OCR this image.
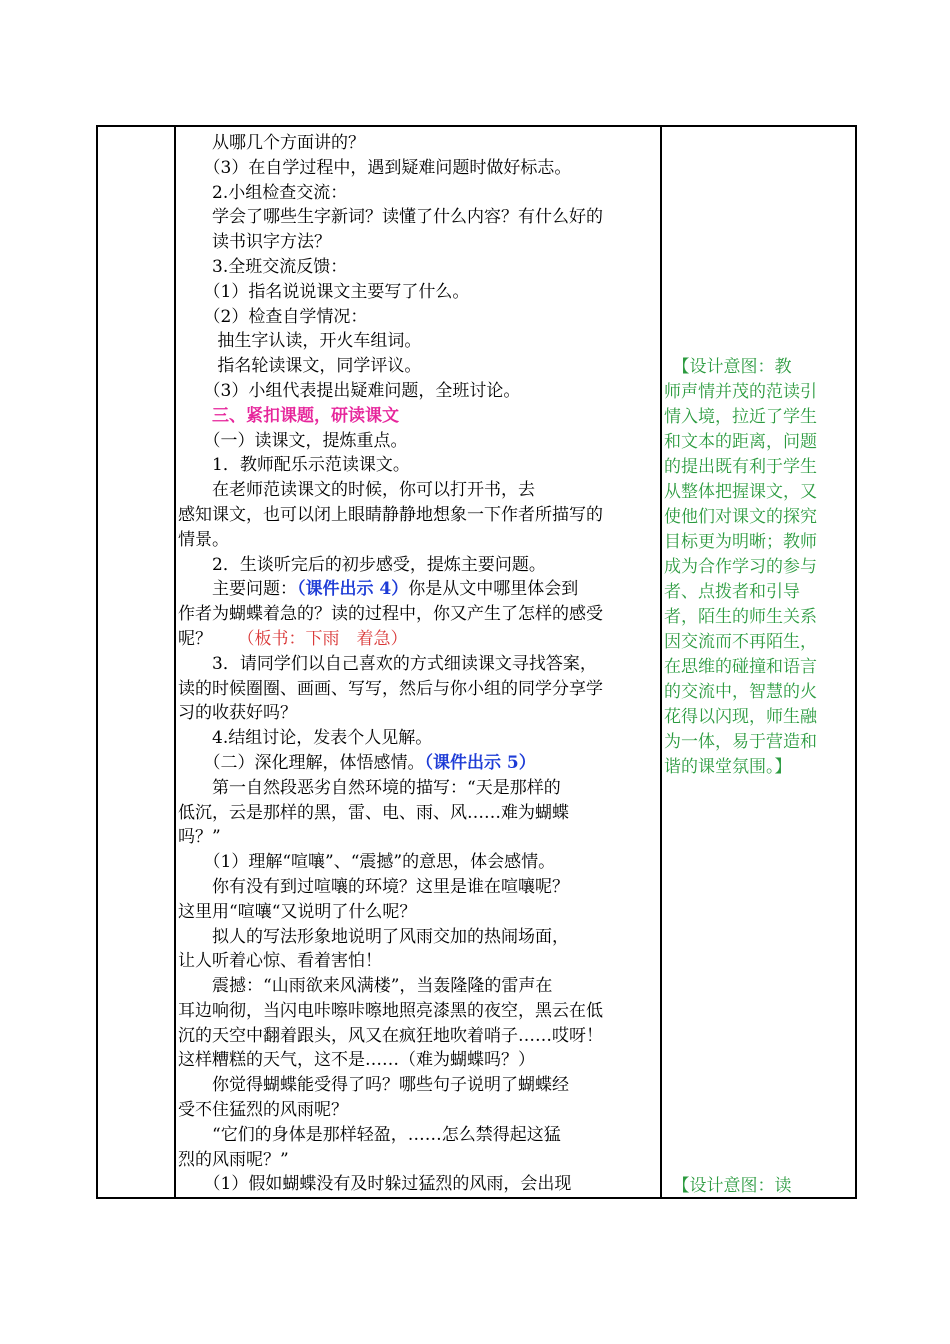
　　从哪几个方面讲的？
　　（3）在自学过程中，遇到疑难问题时做好标志。
　　2.小组检查交流：
　　学会了哪些生字新词？读懂了什么内容？有什么好的
　　读书识字方法？
　　3.全班交流反馈：
　　（1）指名说说课文主要写了什么。
　　（2）检查自学情况：
　　 抽生字认读，开火车组词。
　　 指名轮读课文，同学评议。
　　（3）小组代表提出疑难问题，全班讨论。
　　三、紧扣课题，研读课文
　　（一）读课文，提炼重点。
　　1．教师配乐示范读课文。
　　在老师范读课文的时候，你可以打开书，去
感知课文，也可以闭上眼睛静静地想象一下作者所描写的
情景。
　　2．生谈听完后的初步感受，提炼主要问题。
　　主要问题：（课件出示 4）你是从文中哪里体会到
作者为蝴蝶着急的？读的过程中，你又产生了怎样的感受
呢？　　 （板书：下雨　着急）
　　3．请同学们以自己喜欢的方式细读课文寻找答案，
读的时候圈圈、画画、写写，然后与你小组的同学分享学
习的收获好吗？
　　4.结组讨论，发表个人见解。
　　（二）深化理解，体悟感情。（课件出示 5）
　　第一自然段恶劣自然环境的描写：“天是那样的
低沉，云是那样的黑，雷、电、雨、风……难为蝴蝶
吗？”
　　（1）理解“喧嚷”、“震撼”的意思，体会感情。
　　你有没有到过喧嚷的环境？这里是谁在喧嚷呢？
这里用“喧嚷“又说明了什么呢？
　　拟人的写法形象地说明了风雨交加的热闹场面，
让人听着心惊、看着害怕！
　　震撼：“山雨欲来风满楼”，当轰隆隆的雷声在
耳边响彻，当闪电咔嚓咔嚓地照亮漆黑的夜空，黑云在低
沉的天空中翻着跟头，风又在疯狂地吹着哨子……哎呀！
这样糟糕的天气，这不是……（难为蝴蝶吗？）
　　你觉得蝴蝶能受得了吗？哪些句子说明了蝴蝶经
受不住猛烈的风雨呢？
　　“它们的身体是那样轻盈，……怎么禁得起这猛
烈的风雨呢？”
　　（1）假如蝴蝶没有及时躲过猛烈的风雨，会出现

　【设计意图：教
师声情并茂的范读引
情入境，拉近了学生
和文本的距离，问题
的提出既有利于学生
从整体把握课文，又
使他们对课文的探究
目标更为明晰；教师
成为合作学习的参与
者、点拨者和引导
者，陌生的师生关系
因交流而不再陌生，
在思维的碰撞和语言
的交流中，智慧的火
花得以闪现，师生融
为一体，易于营造和
谐的课堂氛围。】
　【设计意图：读
